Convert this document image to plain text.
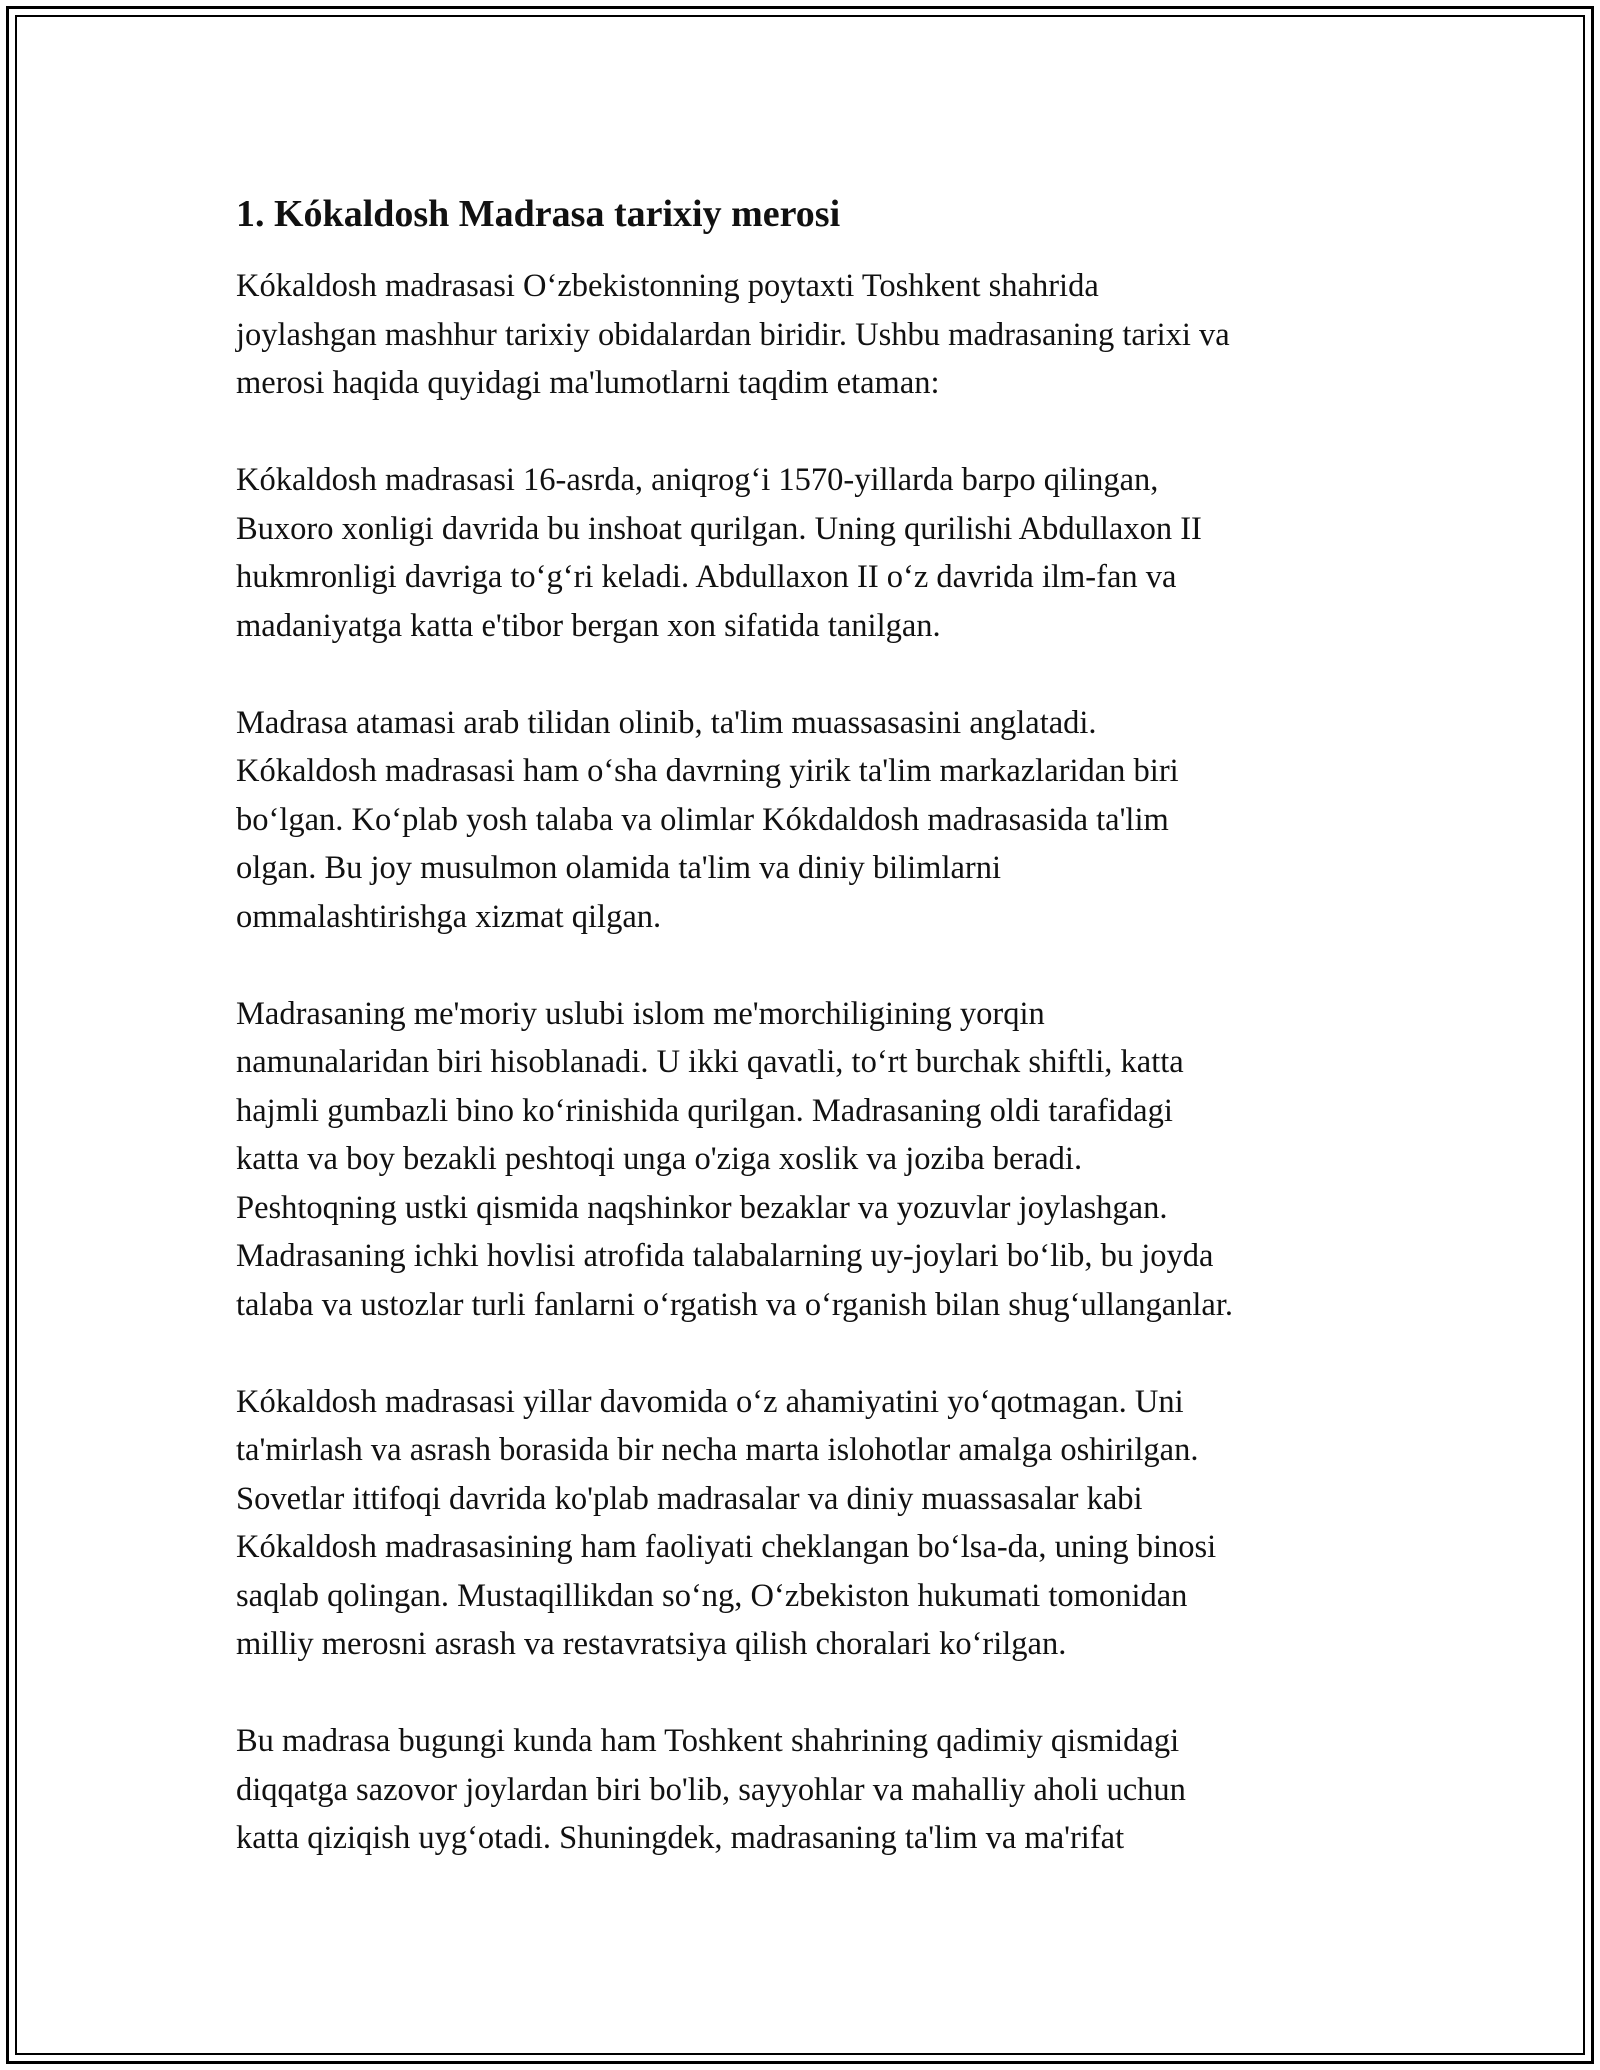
1. Kókaldosh Madrasa tarixiy merosi
Kókaldosh madrasasi O‘zbekistonning poytaxti Toshkent shahrida
joylashgan mashhur tarixiy obidalardan biridir. Ushbu madrasaning tarixi va
merosi haqida quyidagi ma'lumotlarni taqdim etaman:
Kókaldosh madrasasi 16-asrda, aniqrog‘i 1570-yillarda barpo qilingan,
Buxoro xonligi davrida bu inshoat qurilgan. Uning qurilishi Abdullaxon II
hukmronligi davriga to‘g‘ri keladi. Abdullaxon II o‘z davrida ilm-fan va
madaniyatga katta e'tibor bergan xon sifatida tanilgan.
Madrasa atamasi arab tilidan olinib, ta'lim muassasasini anglatadi.
Kókaldosh madrasasi ham o‘sha davrning yirik ta'lim markazlaridan biri
bo‘lgan. Ko‘plab yosh talaba va olimlar Kókdaldosh madrasasida ta'lim
olgan. Bu joy musulmon olamida ta'lim va diniy bilimlarni
ommalashtirishga xizmat qilgan.
Madrasaning me'moriy uslubi islom me'morchiligining yorqin
namunalaridan biri hisoblanadi. U ikki qavatli, to‘rt burchak shiftli, katta
hajmli gumbazli bino ko‘rinishida qurilgan. Madrasaning oldi tarafidagi
katta va boy bezakli peshtoqi unga o'ziga xoslik va joziba beradi.
Peshtoqning ustki qismida naqshinkor bezaklar va yozuvlar joylashgan.
Madrasaning ichki hovlisi atrofida talabalarning uy-joylari bo‘lib, bu joyda
talaba va ustozlar turli fanlarni o‘rgatish va o‘rganish bilan shug‘ullanganlar.
Kókaldosh madrasasi yillar davomida o‘z ahamiyatini yo‘qotmagan. Uni
ta'mirlash va asrash borasida bir necha marta islohotlar amalga oshirilgan.
Sovetlar ittifoqi davrida ko'plab madrasalar va diniy muassasalar kabi
Kókaldosh madrasasining ham faoliyati cheklangan bo‘lsa-da, uning binosi
saqlab qolingan. Mustaqillikdan so‘ng, O‘zbekiston hukumati tomonidan
milliy merosni asrash va restavratsiya qilish choralari ko‘rilgan.
Bu madrasa bugungi kunda ham Toshkent shahrining qadimiy qismidagi
diqqatga sazovor joylardan biri bo'lib, sayyohlar va mahalliy aholi uchun
katta qiziqish uyg‘otadi. Shuningdek, madrasaning ta'lim va ma'rifat
